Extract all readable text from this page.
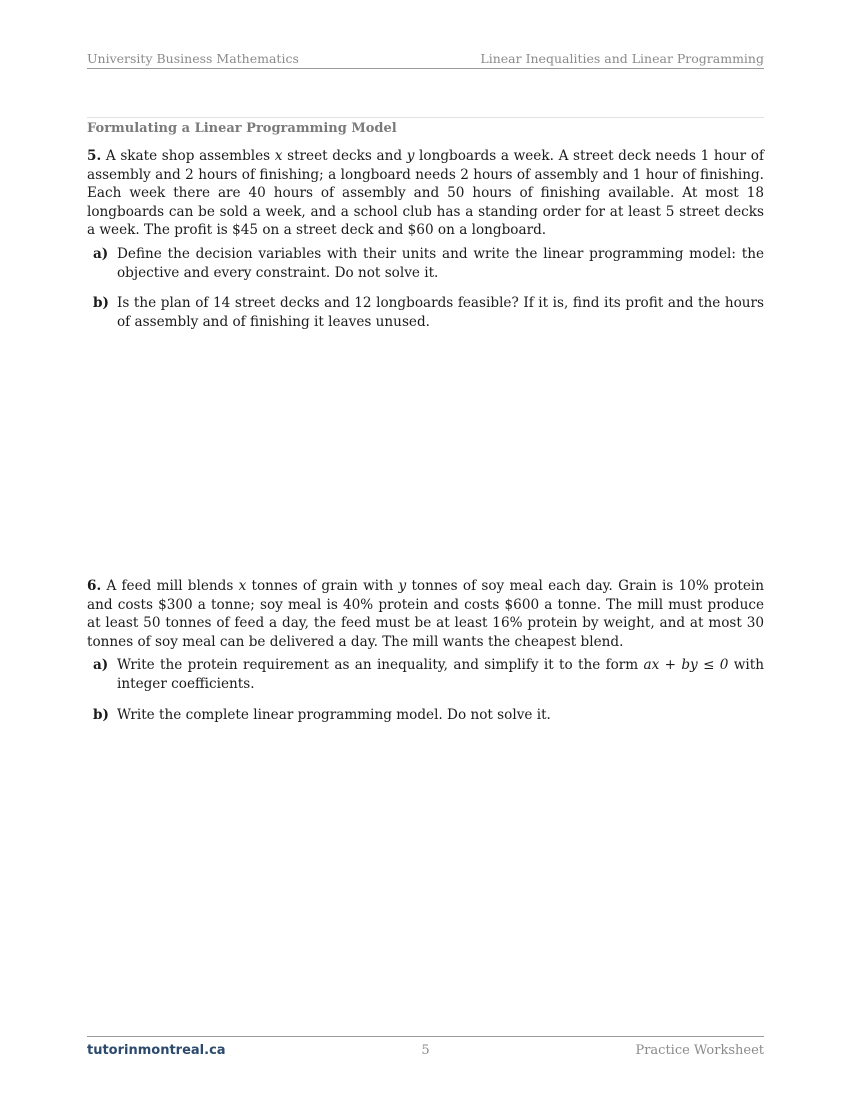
University Business Mathematics	Linear Inequalities and Linear Programming
Formulating a Linear Programming Model

5. A skate shop assembles x street decks and y longboards a week. A street deck needs 1 hour of assembly and 2 hours of finishing; a longboard needs 2 hours of assembly and 1 hour of finishing. Each week there are 40 hours of assembly and 50 hours of finishing available. At most 18 longboards can be sold a week, and a school club has a standing order for at least 5 street decks a week. The profit is $45 on a street deck and $60 on a longboard.

a) Define the decision variables with their units and write the linear programming model: the objective and every constraint. Do not solve it.
b) Is the plan of 14 street decks and 12 longboards feasible? If it is, find its profit and the hours of assembly and of finishing it leaves unused.

6. A feed mill blends x tonnes of grain with y tonnes of soy meal each day. Grain is 10% protein and costs $300 a tonne; soy meal is 40% protein and costs $600 a tonne. The mill must produce at least 50 tonnes of feed a day, the feed must be at least 16% protein by weight, and at most 30 tonnes of soy meal can be delivered a day. The mill wants the cheapest blend.

a) Write the protein requirement as an inequality, and simplify it to the form ax + by ≤ 0 with integer coefficients.
b) Write the complete linear programming model. Do not solve it.
tutorinmontreal.ca	5	Practice Worksheet
